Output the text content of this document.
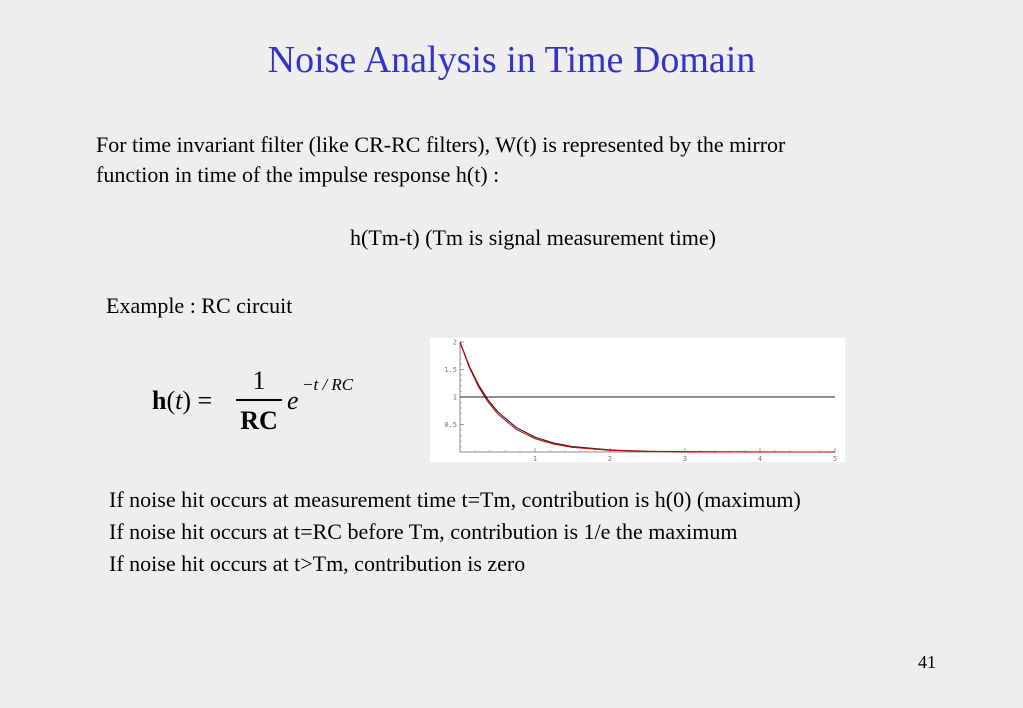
Noise Analysis in Time Domain
For time invariant filter (like CR-RC filters), W(t) is represented by the mirror
function in time of the impulse response h(t) :
h(Tm-t) (Tm is signal measurement time)
Example : RC circuit
h(t) =
1
RC
e
−t / RC
1	2	3	4	5
0.5
1
1.5
2
If noise hit occurs at measurement time t=Tm, contribution is h(0) (maximum)
If noise hit occurs at t=RC before Tm, contribution is 1/e the maximum
If noise hit occurs at t>Tm, contribution is zero
41
